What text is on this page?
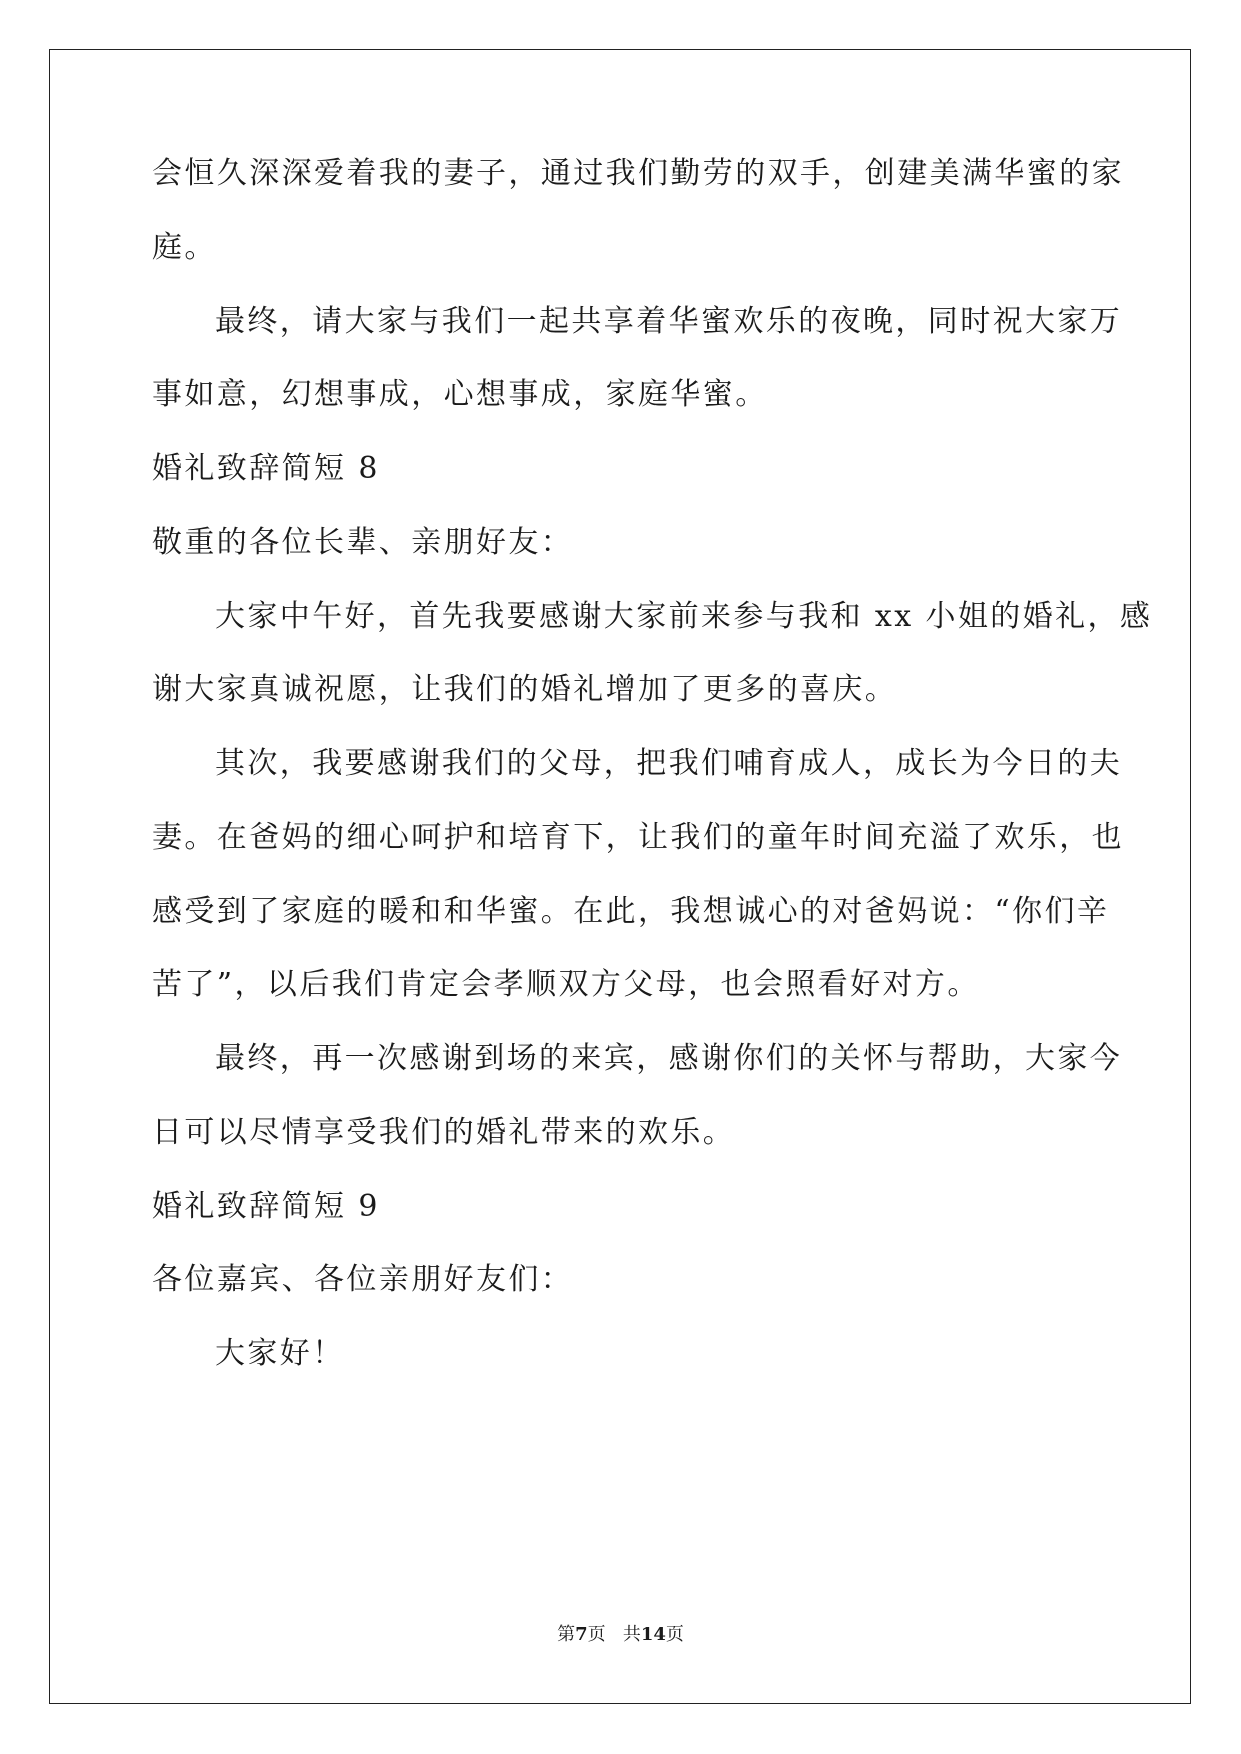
会恒久深深爱着我的妻子，通过我们勤劳的双手，创建美满华蜜的家
庭。
最终，请大家与我们一起共享着华蜜欢乐的夜晚，同时祝大家万
事如意，幻想事成，心想事成，家庭华蜜。
婚礼致辞简短 8
敬重的各位长辈、亲朋好友：
大家中午好，首先我要感谢大家前来参与我和 xx 小姐的婚礼，感
谢大家真诚祝愿，让我们的婚礼增加了更多的喜庆。
其次，我要感谢我们的父母，把我们哺育成人，成长为今日的夫
妻。在爸妈的细心呵护和培育下，让我们的童年时间充溢了欢乐，也
感受到了家庭的暖和和华蜜。在此，我想诚心的对爸妈说：“你们辛
苦了”，以后我们肯定会孝顺双方父母，也会照看好对方。
最终，再一次感谢到场的来宾，感谢你们的关怀与帮助，大家今
日可以尽情享受我们的婚礼带来的欢乐。
婚礼致辞简短 9
各位嘉宾、各位亲朋好友们：
大家好！
第7页 共14页
